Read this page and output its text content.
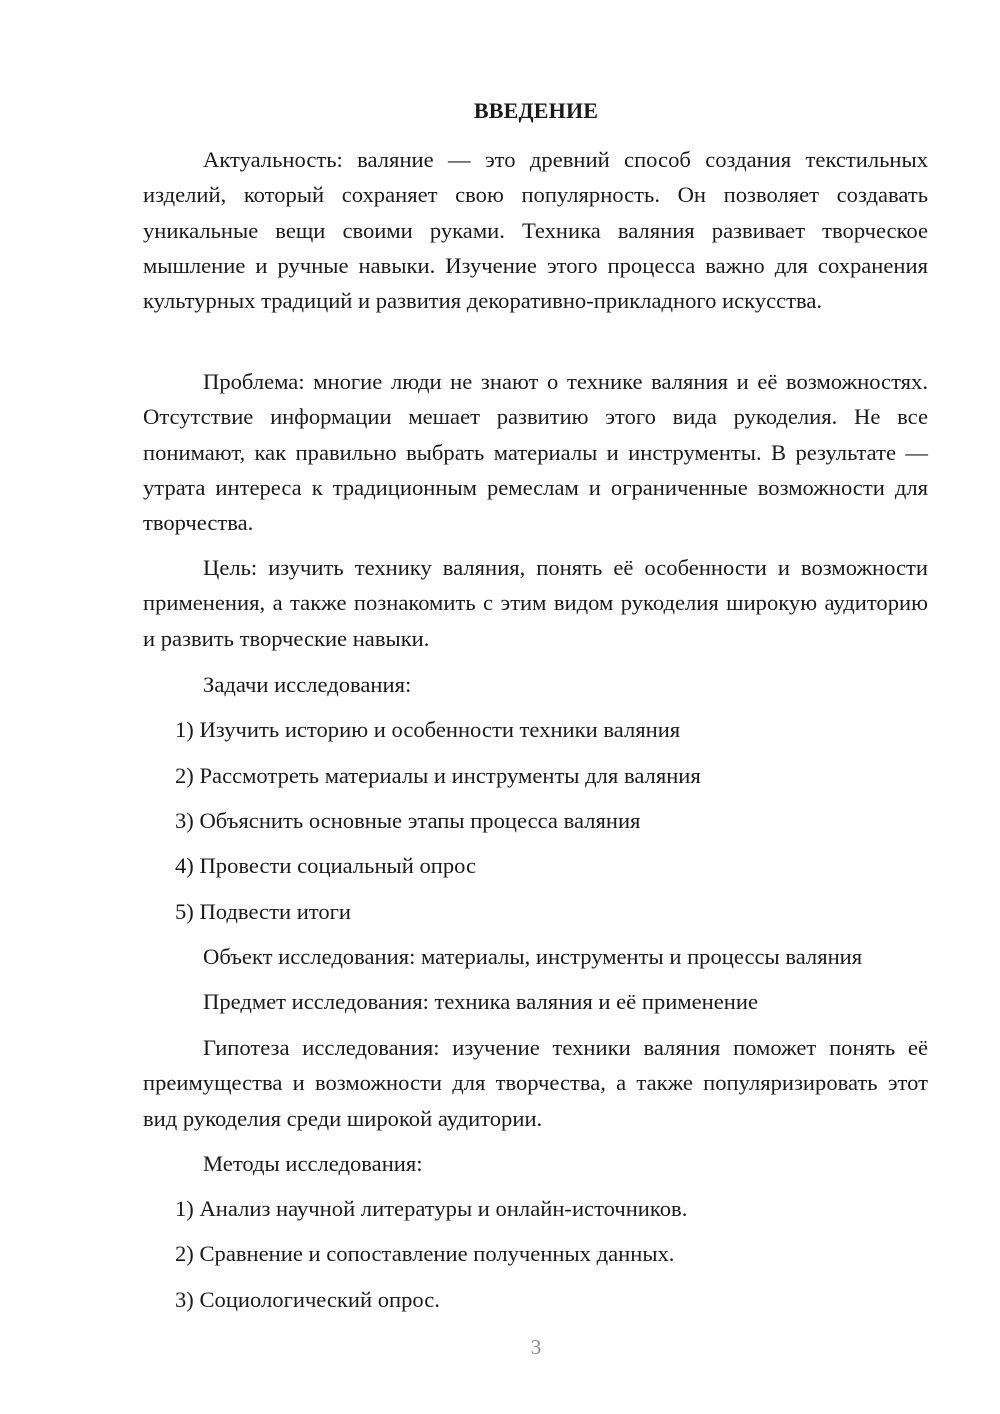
ВВЕДЕНИЕ

Актуальность: валяние — это древний способ создания текстильных изделий, который сохраняет свою популярность. Он позволяет создавать уникальные вещи своими руками. Техника валяния развивает творческое мышление и ручные навыки. Изучение этого процесса важно для сохранения культурных традиций и развития декоративно-прикладного искусства.

Проблема: многие люди не знают о технике валяния и её возможностях. Отсутствие информации мешает развитию этого вида рукоделия. Не все понимают, как правильно выбрать материалы и инструменты. В результате — утрата интереса к традиционным ремеслам и ограниченные возможности для творчества.

Цель: изучить технику валяния, понять её особенности и возможности применения, а также познакомить с этим видом рукоделия широкую аудиторию и развить творческие навыки.

Задачи исследования:

1) Изучить историю и особенности техники валяния

2) Рассмотреть материалы и инструменты для валяния

3) Объяснить основные этапы процесса валяния

4) Провести социальный опрос

5) Подвести итоги

Объект исследования: материалы, инструменты и процессы валяния

Предмет исследования: техника валяния и её применение

Гипотеза исследования: изучение техники валяния поможет понять её преимущества и возможности для творчества, а также популяризировать этот вид рукоделия среди широкой аудитории.

Методы исследования:

1) Анализ научной литературы и онлайн-источников.

2) Сравнение и сопоставление полученных данных.

3) Социологический опрос.

3
